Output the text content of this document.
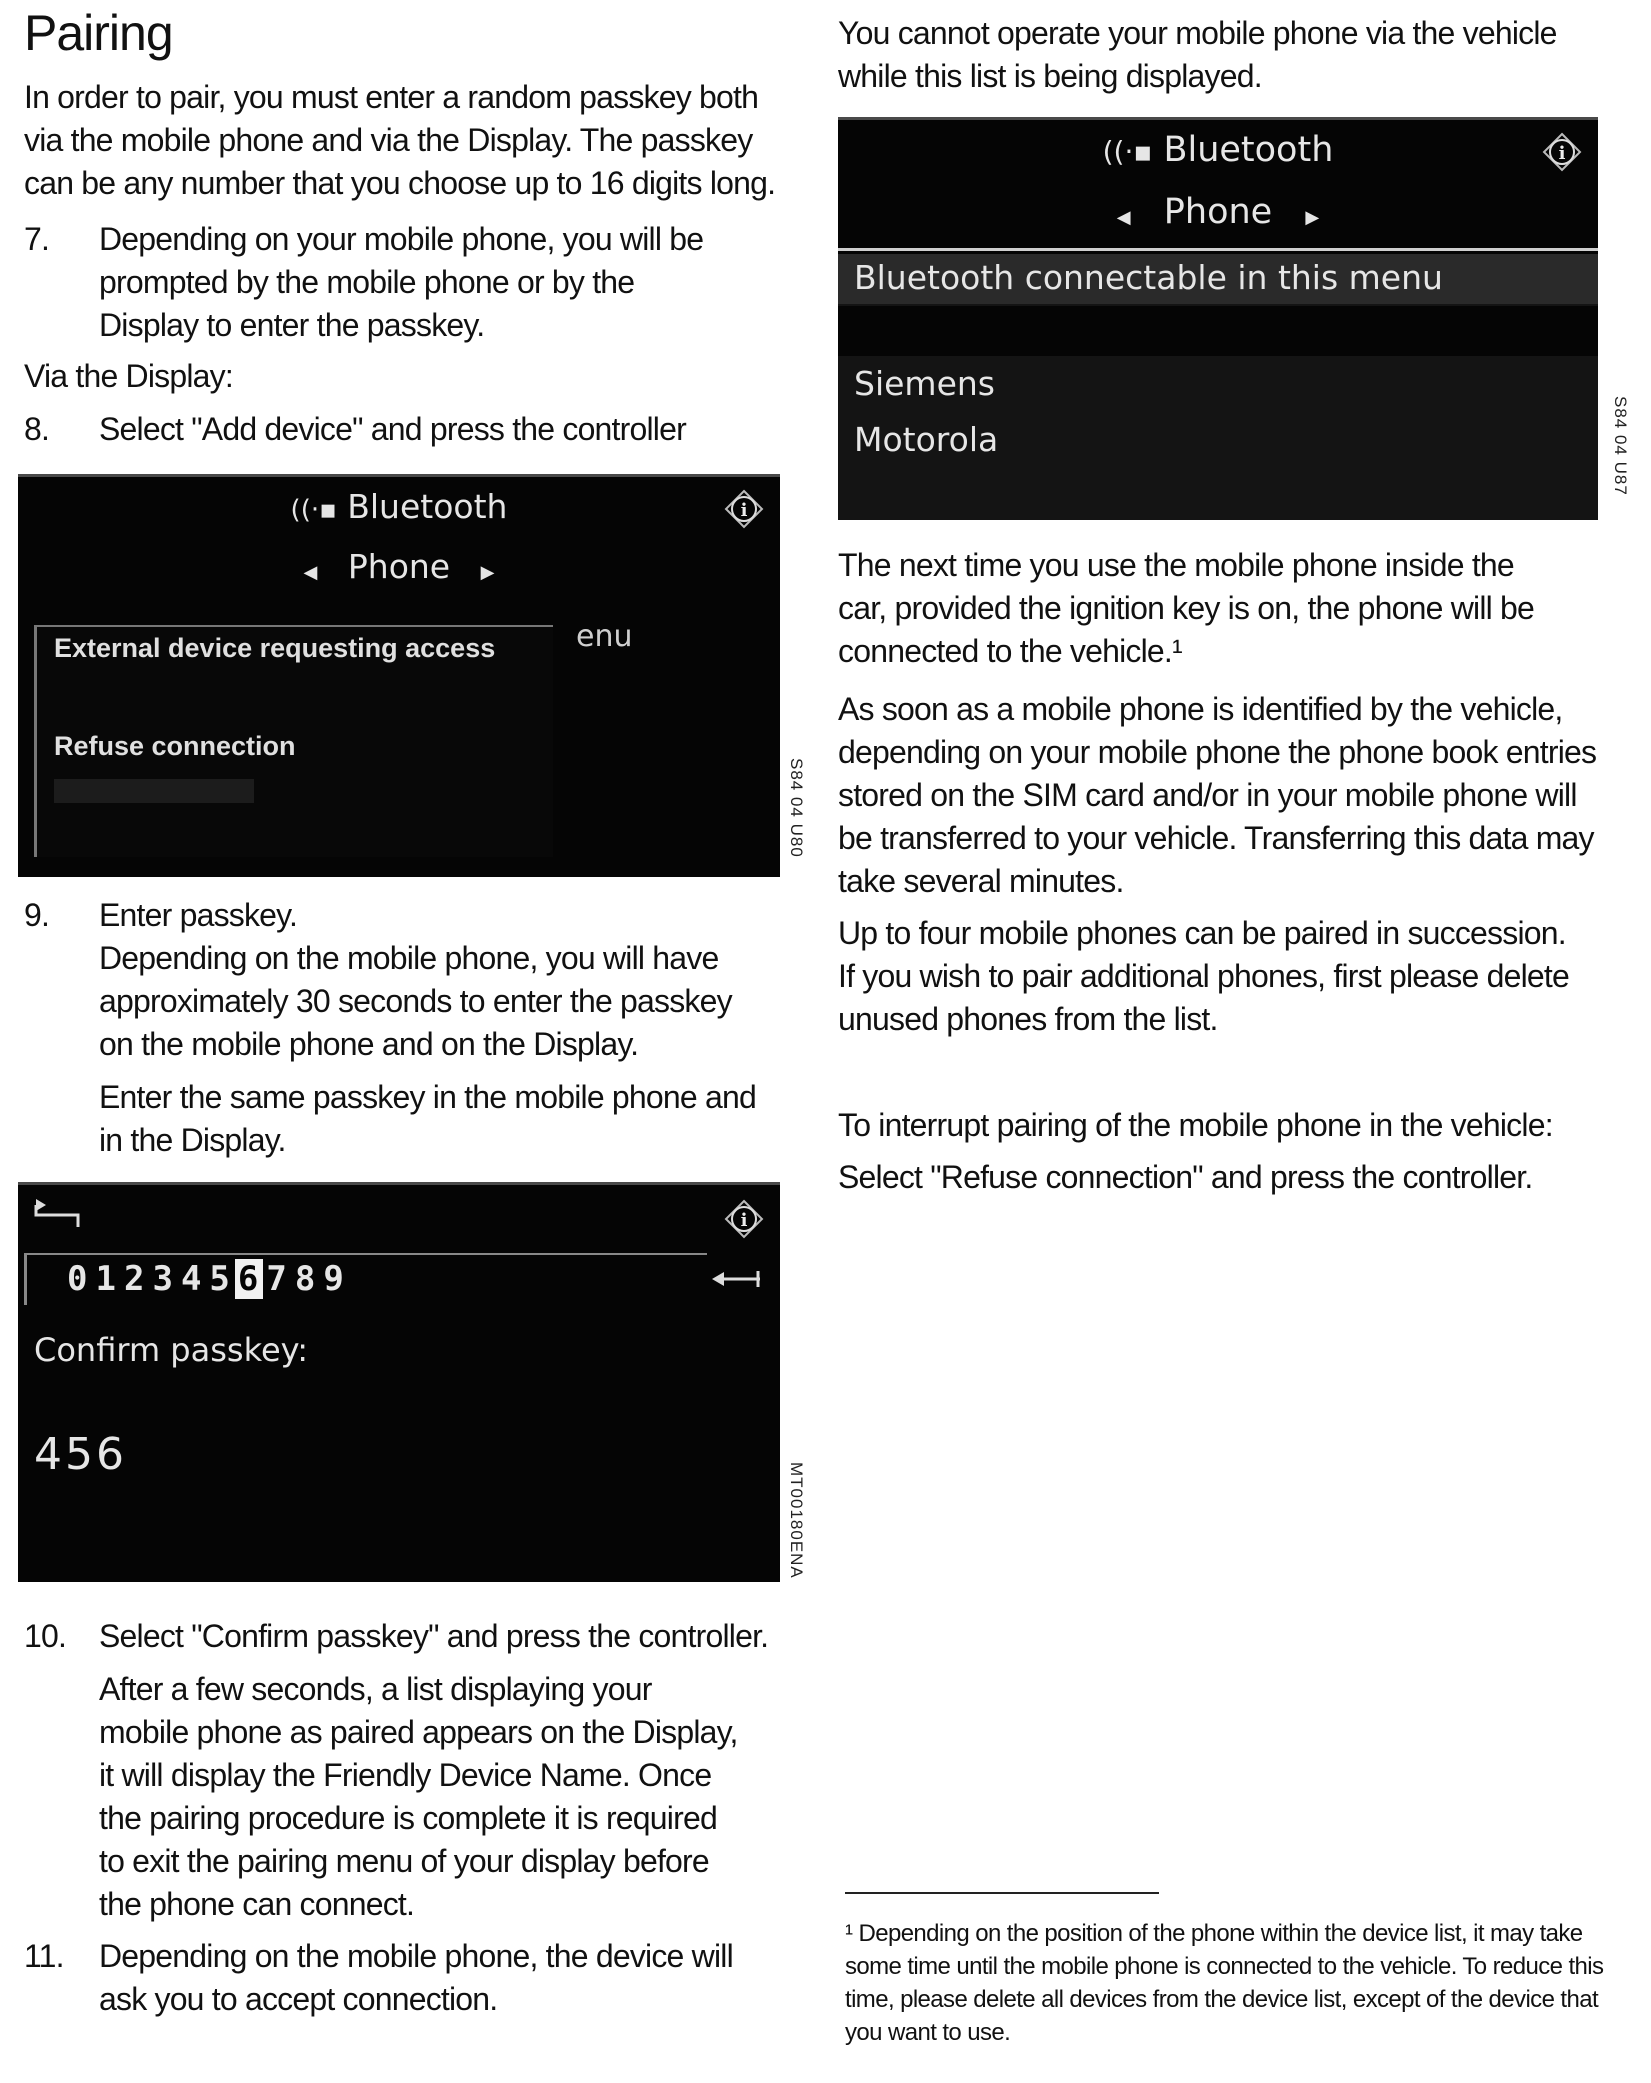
Pairing

In order to pair, you must enter a random passkey both via the mobile phone and via the Display. The passkey can be any number that you choose up to 16 digits long.

7. Depending on your mobile phone, you will be prompted by the mobile phone or by the Display to enter the passkey.

Via the Display:

8. Select "Add device" and press the controller

((·▪ Bluetooth	i
◀ Phone ▶
enu
External device requesting access
Refuse connection
S84 04 U80
9. Enter passkey.

Depending on the mobile phone, you will have approximately 30 seconds to enter the passkey on the mobile phone and on the Display.

Enter the same passkey in the mobile phone and in the Display.

i
0 1 2 3 4 5 6 7 8 9
Confirm passkey:
456
MT00180ENA
10. Select "Confirm passkey" and press the controller.

After a few seconds, a list displaying your mobile phone as paired appears on the Display, it will display the Friendly Device Name. Once the pairing procedure is complete it is required to exit the pairing menu of your display before the phone can connect.

11. Depending on the mobile phone, the device will ask you to accept connection.

You cannot operate your mobile phone via the vehicle while this list is being displayed.

((·▪ Bluetooth	i
◀ Phone ▶
Bluetooth connectable in this menu
Siemens
Motorola	S84 04 U87

The next time you use the mobile phone inside the car, provided the ignition key is on, the phone will be connected to the vehicle.¹

As soon as a mobile phone is identified by the vehicle, depending on your mobile phone the phone book entries stored on the SIM card and/or in your mobile phone will be transferred to your vehicle. Transferring this data may take several minutes.

Up to four mobile phones can be paired in succession. If you wish to pair additional phones, first please delete unused phones from the list.

To interrupt pairing of the mobile phone in the vehicle:

Select "Refuse connection" and press the controller.

¹ Depending on the position of the phone within the device list, it may take some time until the mobile phone is connected to the vehicle. To reduce this time, please delete all devices from the device list, except of the device that you want to use.
